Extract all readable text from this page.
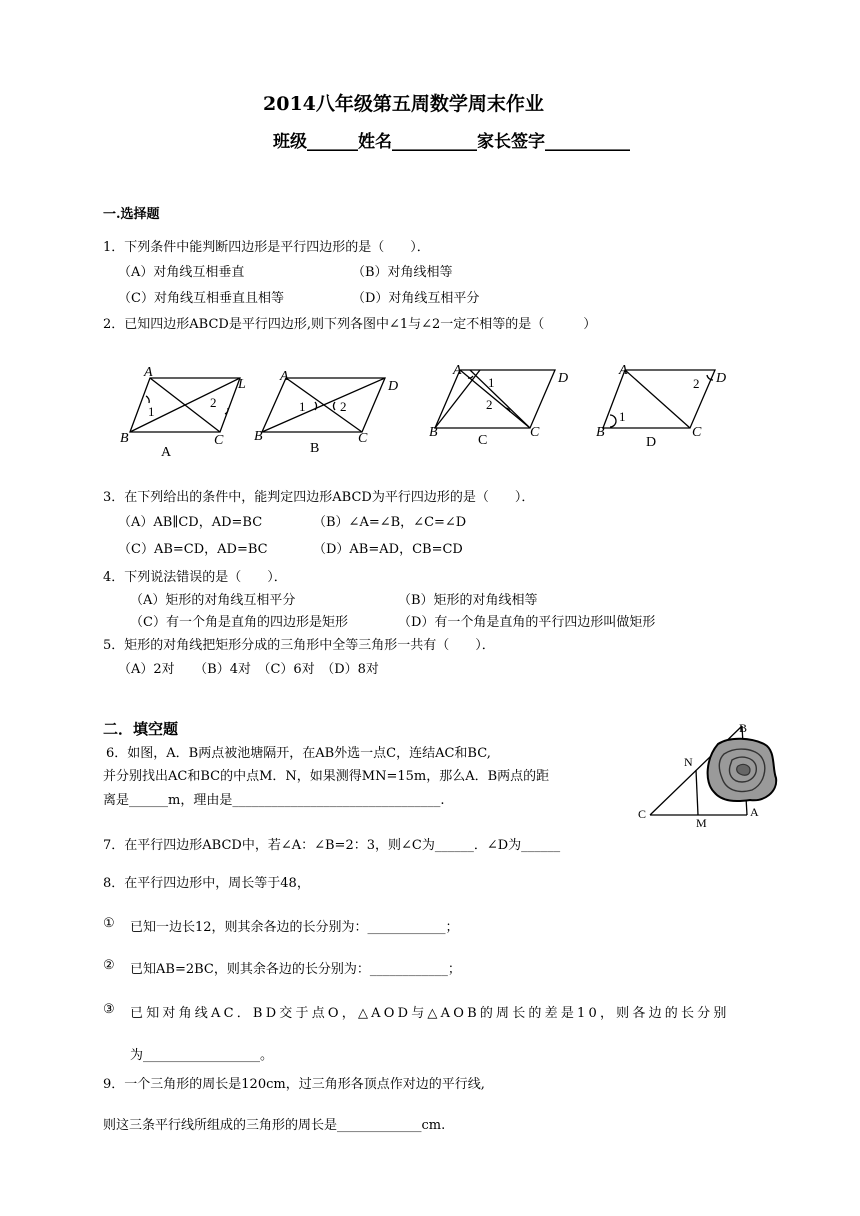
2014八年级第五周数学周末作业
班级______姓名__________家长签字__________
一.选择题
1．下列条件中能判断四边形是平行四边形的是（　　）．
（A）对角线互相垂直	（B）对角线相等
（C）对角线互相垂直且相等	（D）对角线互相平分
2．已知四边形ABCD是平行四边形,则下列各图中∠1与∠2一定不相等的是（　　　）
A
L
B	C
A
D
B	C
A
D
B	C
A
D
B	C
1
2	1	2
1
2
2
1
A	B
C	D
3．在下列给出的条件中，能判定四边形ABCD为平行四边形的是（　　）．
（A）AB∥CD，AD=BC	（B）∠A=∠B，∠C=∠D
（C）AB=CD，AD=BC	（D）AB=AD，CB=CD
4．下列说法错误的是（　　）．
（A）矩形的对角线互相平分	（B）矩形的对角线相等
（C）有一个角是直角的四边形是矩形	（D）有一个角是直角的平行四边形叫做矩形
5．矩形的对角线把矩形分成的三角形中全等三角形一共有（　　）．
（A）2对　　（B）4对　（C）6对　（D）8对
二．填空题
6．如图，A．B两点被池塘隔开，在AB外选一点C，连结AC和BC,
并分别找出AC和BC的中点M．N，如果测得MN=15m，那么A．B两点的距
离是______m，理由是________________________________.
B
N
C
M
A
7．在平行四边形ABCD中，若∠A：∠B=2：3，则∠C为______．∠D为______
8．在平行四边形中，周长等于48，
① 已知一边长12，则其余各边的长分别为：____________；
② 已知AB=2BC，则其余各边的长分别为：____________；
③ 已知对角线AC．BD交于点O，△AOD与△AOB的周长的差是10，则各边的长分别
为__________________。
9．一个三角形的周长是120cm，过三角形各顶点作对边的平行线,
则这三条平行线所组成的三角形的周长是_____________cm.
